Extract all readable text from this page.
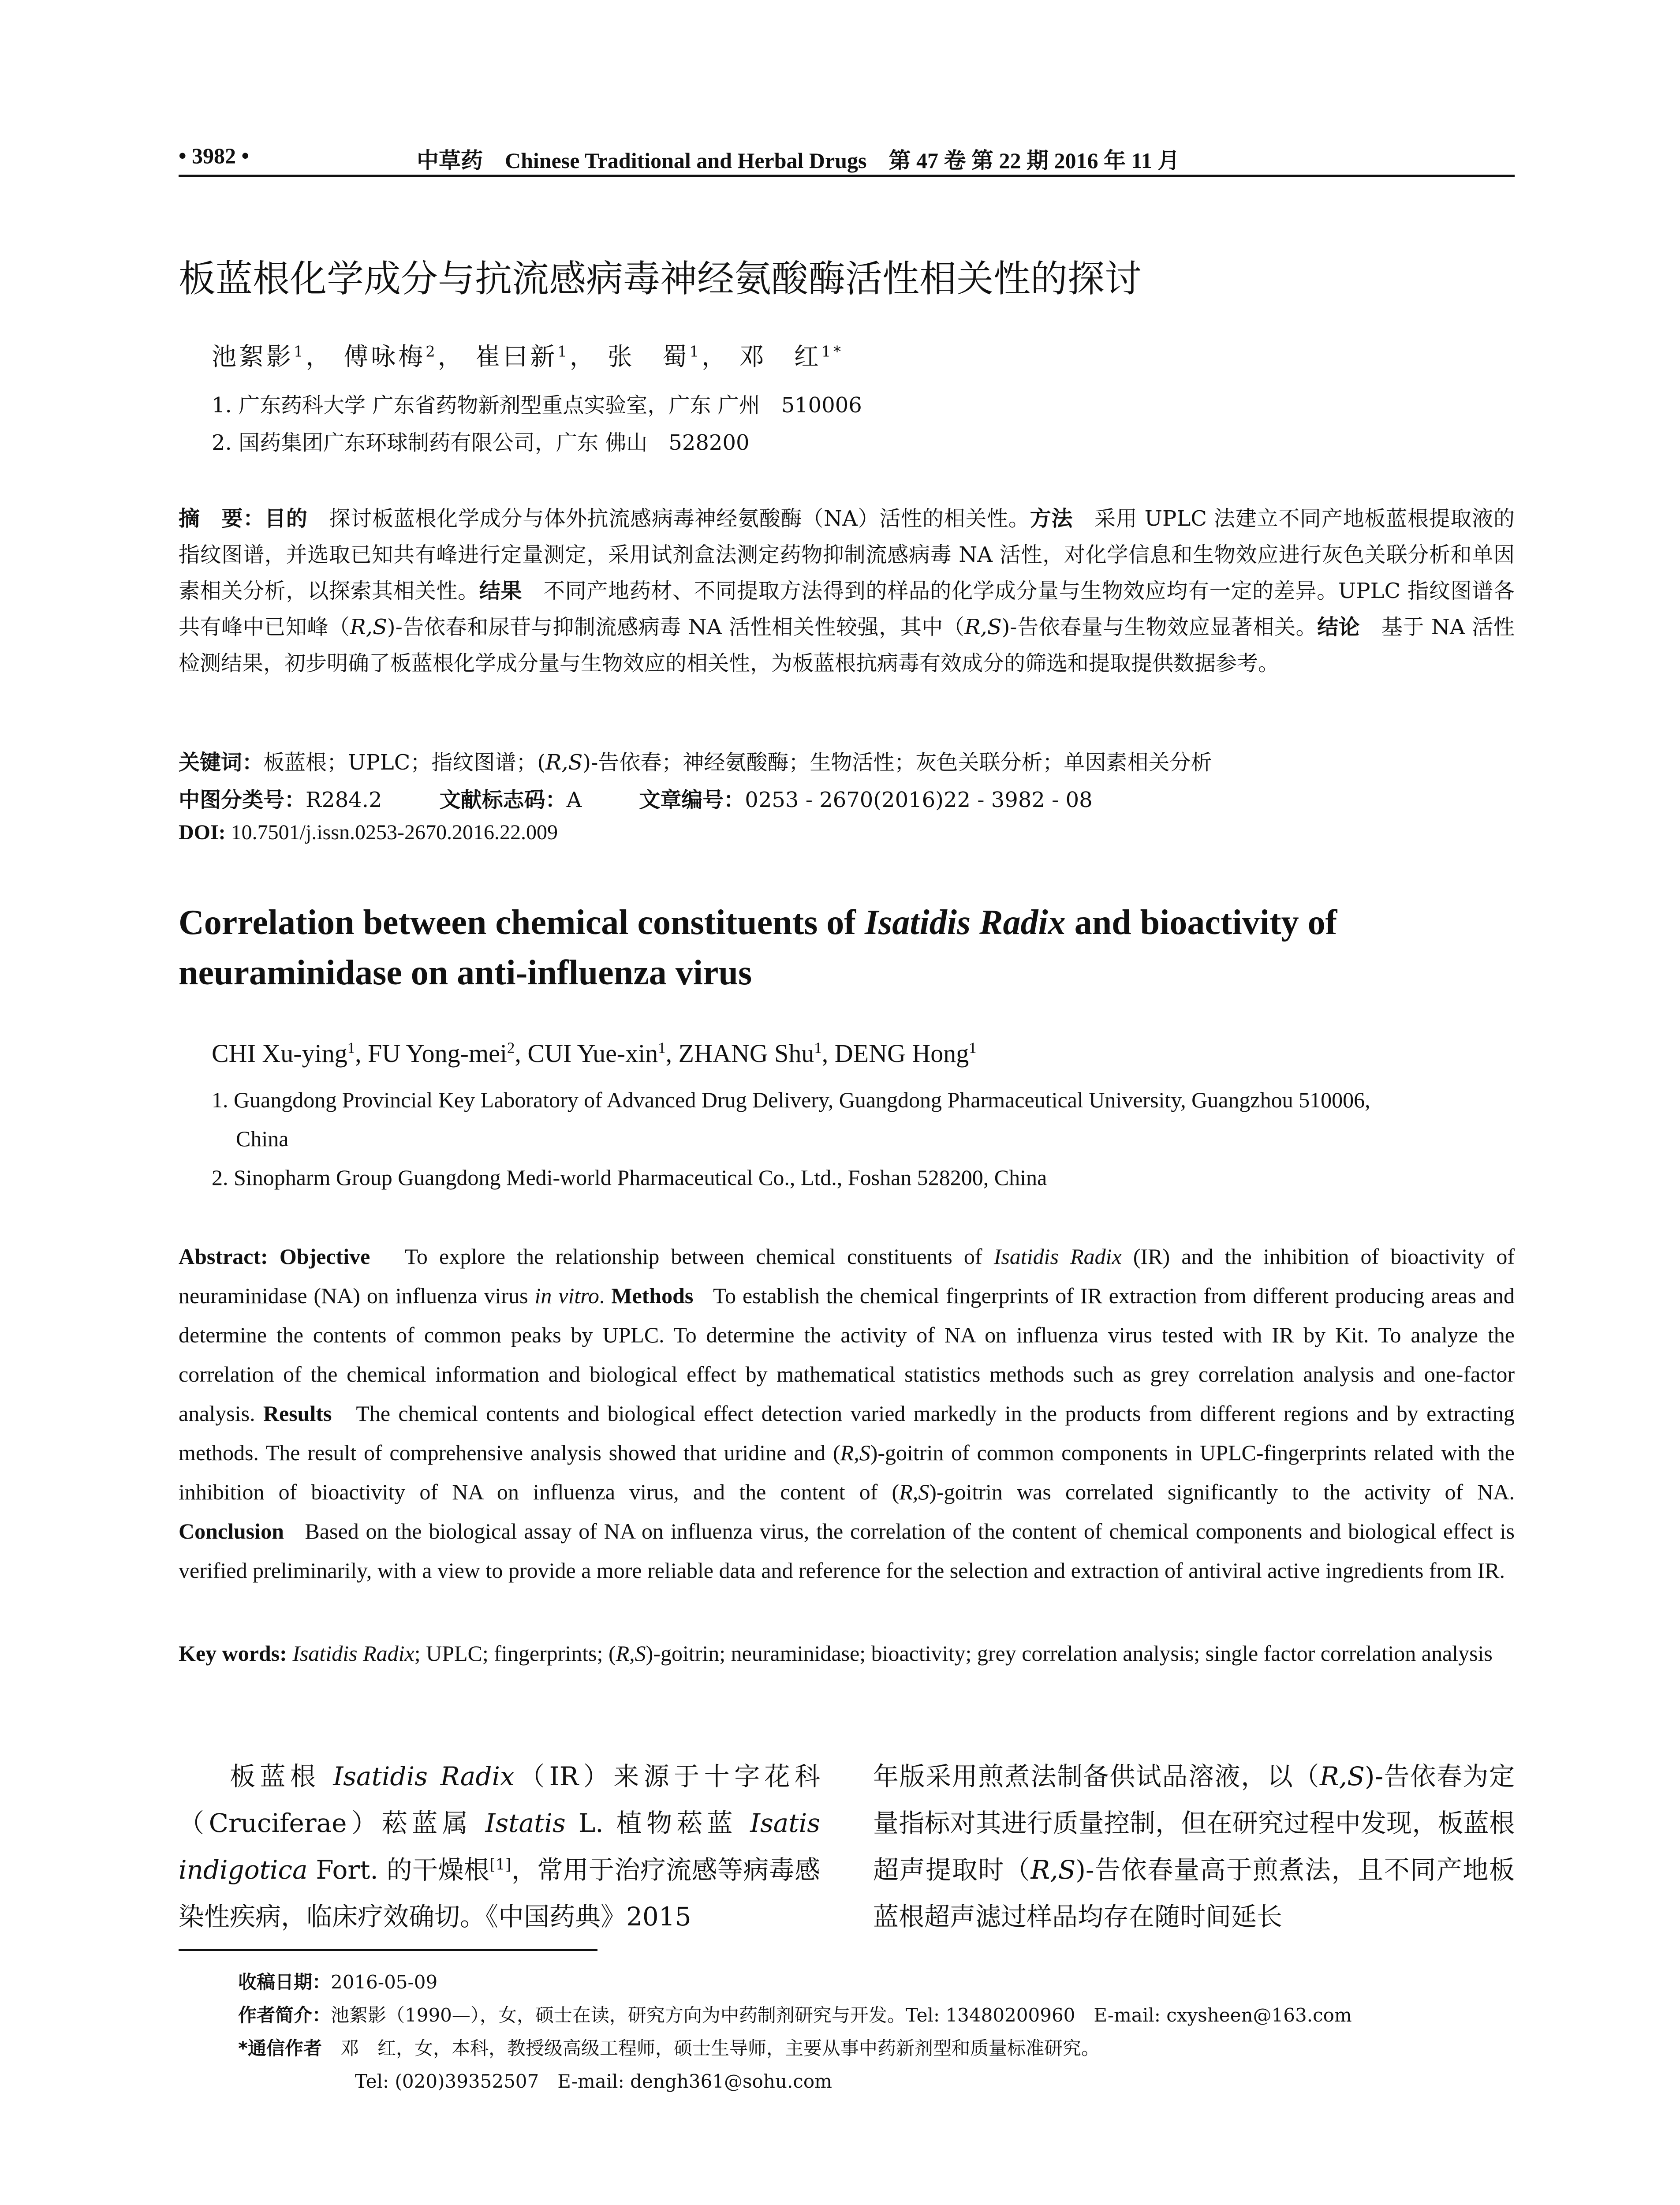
• 3982 •	中草药 Chinese Traditional and Herbal Drugs 第 47 卷 第 22 期 2016 年 11 月
板蓝根化学成分与抗流感病毒神经氨酸酶活性相关性的探讨
池絮影$^1$， 傅咏梅$^2$， 崔曰新$^1$， 张　蜀$^1$， 邓　红$^{1*}$
1. 广东药科大学 广东省药物新剂型重点实验室，广东 广州　510006
2. 国药集团广东环球制药有限公司，广东 佛山　528200
摘　要：目的　 探讨板蓝根化学成分与体外抗流感病毒神经氨酸酶（NA）活性的相关性。方法　 采用 UPLC 法建立不同产地板蓝根提取液的指纹图谱，并选取已知共有峰进行定量测定，采用试剂盒法测定药物抑制流感病毒 NA 活性，对化学信息和生物效应进行灰色关联分析和单因素相关分析，以探索其相关性。结果　 不同产地药材、不同提取方法得到的样品的化学成分量与生物效应均有一定的差异。UPLC 指纹图谱各共有峰中已知峰（R,S)-告依春和尿苷与抑制流感病毒 NA 活性相关性较强，其中（R,S)-告依春量与生物效应显著相关。结论　 基于 NA 活性检测结果，初步明确了板蓝根化学成分量与生物效应的相关性，为板蓝根抗病毒有效成分的筛选和提取提供数据参考。
关键词：板蓝根；UPLC；指纹图谱；(R,S)-告依春；神经氨酸酶；生物活性；灰色关联分析；单因素相关分析
中图分类号：R284.2	文献标志码：A	文章编号：0253 - 2670(2016)22 - 3982 - 08
DOI: 10.7501/j.issn.0253-2670.2016.22.009
Correlation between chemical constituents of Isatidis Radix and bioactivity of neuraminidase on anti-influenza virus
CHI Xu-ying$^1$, FU Yong-mei$^2$, CUI Yue-xin$^1$, ZHANG Shu$^1$, DENG Hong$^1$
1. Guangdong Provincial Key Laboratory of Advanced Drug Delivery, Guangdong Pharmaceutical University, Guangzhou 510006,
China
2. Sinopharm Group Guangdong Medi-world Pharmaceutical Co., Ltd., Foshan 528200, China
Abstract: Objective To explore the relationship between chemical constituents of Isatidis Radix (IR) and the inhibition of bioactivity of neuraminidase (NA) on influenza virus in vitro. Methods To establish the chemical fingerprints of IR extraction from different producing areas and determine the contents of common peaks by UPLC. To determine the activity of NA on influenza virus tested with IR by Kit. To analyze the correlation of the chemical information and biological effect by mathematical statistics methods such as grey correlation analysis and one-factor analysis. Results The chemical contents and biological effect detection varied markedly in the products from different regions and by extracting methods. The result of comprehensive analysis showed that uridine and (R,S)-goitrin of common components in UPLC-fingerprints related with the inhibition of bioactivity of NA on influenza virus, and the content of (R,S)-goitrin was correlated significantly to the activity of NA. Conclusion Based on the biological assay of NA on influenza virus, the correlation of the content of chemical components and biological effect is verified preliminarily, with a view to provide a more reliable data and reference for the selection and extraction of antiviral active ingredients from IR.
Key words: Isatidis Radix; UPLC; fingerprints; (R,S)-goitrin; neuraminidase; bioactivity; grey correlation analysis; single factor correlation analysis
板蓝根 Isatidis Radix（IR）来源于十字花科（Cruciferae）菘蓝属 Istatis L. 植物菘蓝 Isatis indigotica Fort. 的干燥根[1]，常用于治疗流感等病毒感染性疾病，临床疗效确切。《中国药典》2015
年版采用煎煮法制备供试品溶液，以（R,S)-告依春为定量指标对其进行质量控制，但在研究过程中发现，板蓝根超声提取时（R,S)-告依春量高于煎煮法，且不同产地板蓝根超声滤过样品均存在随时间延长
收稿日期：2016-05-09
作者简介：池絮影（1990—），女，硕士在读，研究方向为中药制剂研究与开发。Tel: 13480200960　E-mail: cxysheen@163.com
*通信作者　 邓　红，女，本科，教授级高级工程师，硕士生导师，主要从事中药新剂型和质量标准研究。
Tel: (020)39352507　E-mail: dengh361@sohu.com
